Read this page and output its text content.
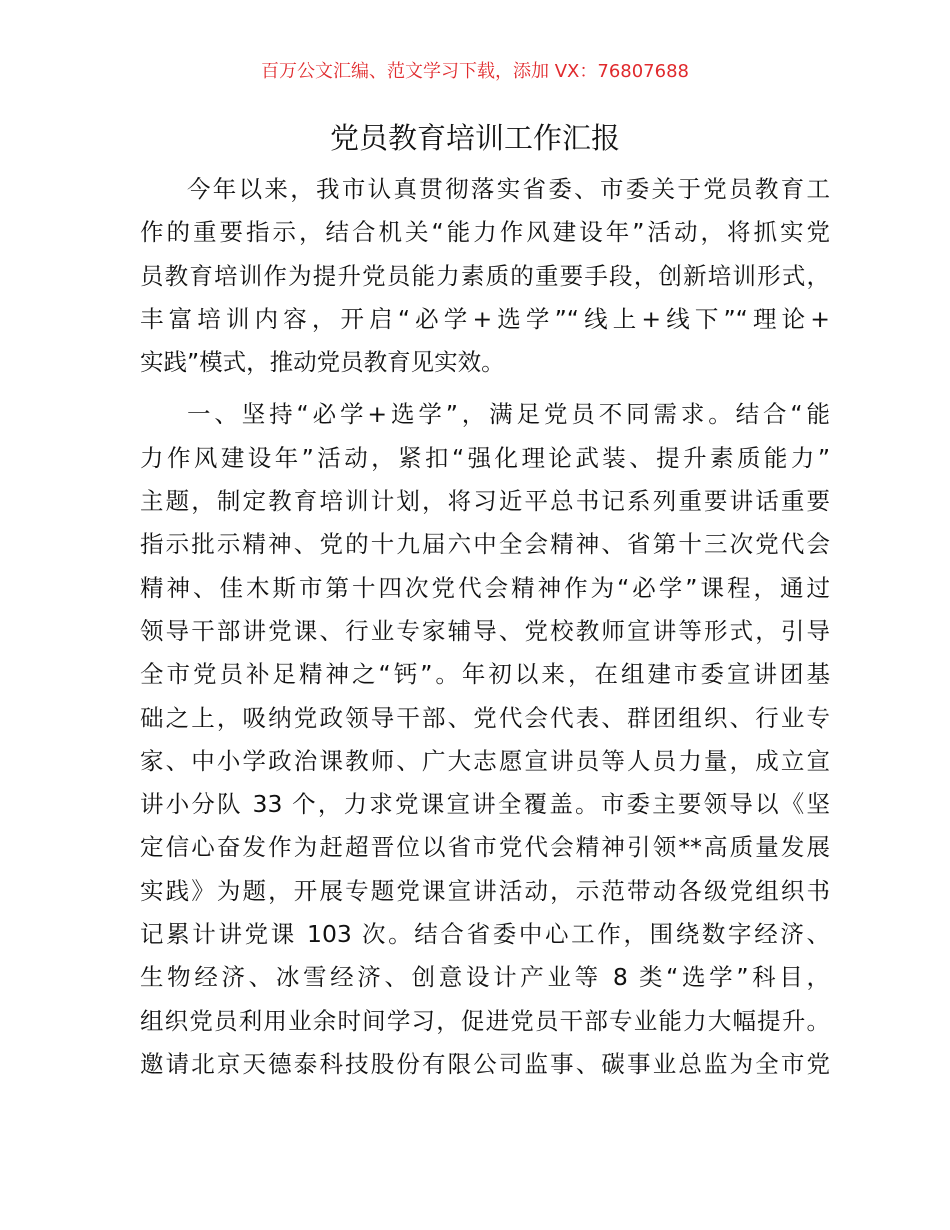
百万公文汇编、范文学习下载，添加 VX：76807688
党员教育培训工作汇报
今年以来，我市认真贯彻落实省委、市委关于党员教育工
作的重要指示，结合机关“能力作风建设年”活动，将抓实党
员教育培训作为提升党员能力素质的重要手段，创新培训形式，
丰富培训内容，开启“必学+选学”“线上+线下”“理论+
实践”模式，推动党员教育见实效。
一、坚持“必学+选学”，满足党员不同需求。结合“能
力作风建设年”活动，紧扣“强化理论武装、提升素质能力”
主题，制定教育培训计划，将习近平总书记系列重要讲话重要
指示批示精神、党的十九届六中全会精神、省第十三次党代会
精神、佳木斯市第十四次党代会精神作为“必学”课程，通过
领导干部讲党课、行业专家辅导、党校教师宣讲等形式，引导
全市党员补足精神之“钙”。年初以来，在组建市委宣讲团基
础之上，吸纳党政领导干部、党代会代表、群团组织、行业专
家、中小学政治课教师、广大志愿宣讲员等人员力量，成立宣
讲小分队 33 个，力求党课宣讲全覆盖。市委主要领导以《坚
定信心奋发作为赶超晋位以省市党代会精神引领**高质量发展
实践》为题，开展专题党课宣讲活动，示范带动各级党组织书
记累计讲党课 103 次。结合省委中心工作，围绕数字经济、
生物经济、冰雪经济、创意设计产业等 8 类“选学”科目，
组织党员利用业余时间学习，促进党员干部专业能力大幅提升。
邀请北京天德泰科技股份有限公司监事、碳事业总监为全市党
